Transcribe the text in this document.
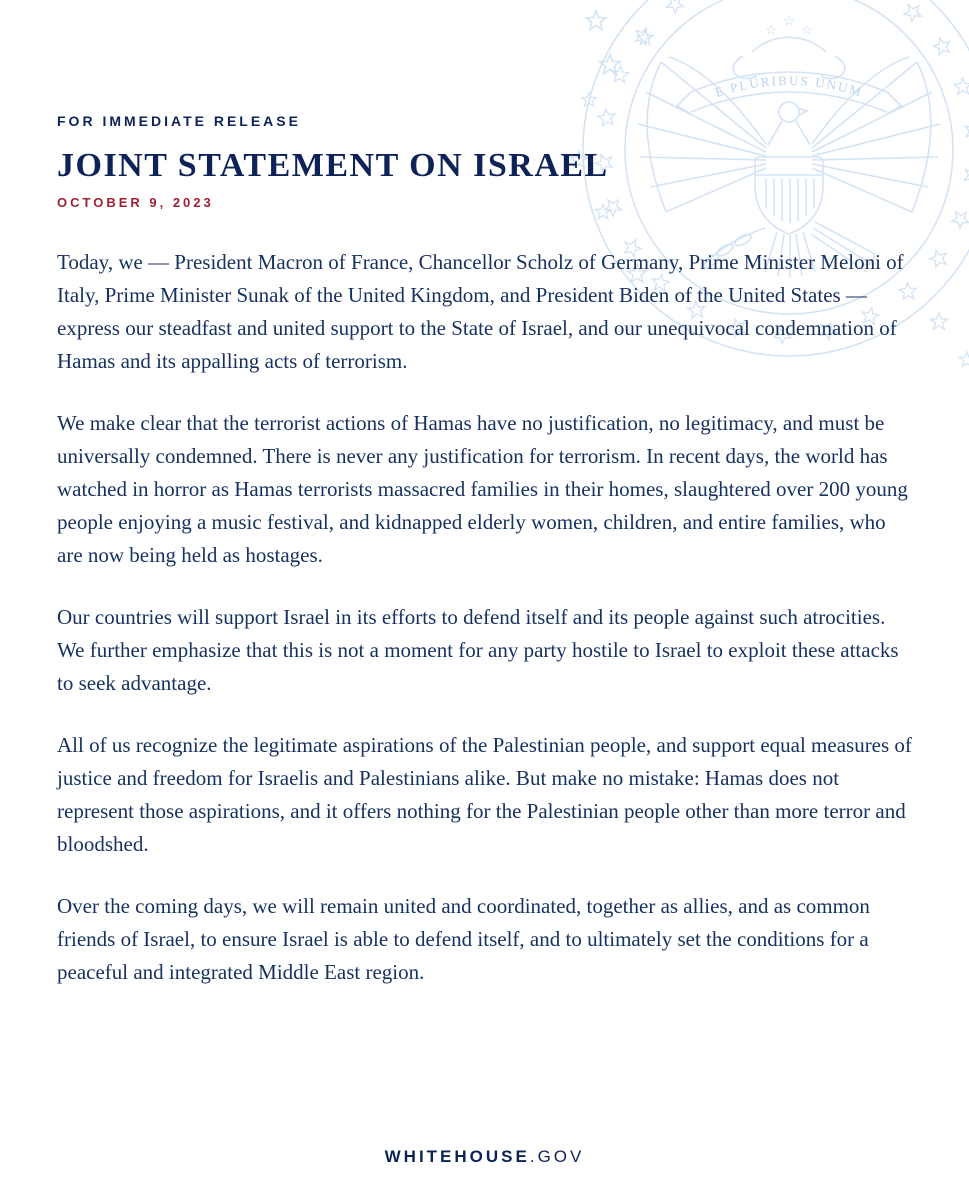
E PLURIBUS UNUM
FOR IMMEDIATE RELEASE
JOINT STATEMENT ON ISRAEL
OCTOBER 9, 2023

Today, we — President Macron of France, Chancellor Scholz of Germany, Prime Minister Meloni of Italy, Prime Minister Sunak of the United Kingdom, and President Biden of the United States — express our steadfast and united support to the State of Israel, and our unequivocal condemnation of Hamas and its appalling acts of terrorism.

We make clear that the terrorist actions of Hamas have no justification, no legitimacy, and must be universally condemned. There is never any justification for terrorism. In recent days, the world has watched in horror as Hamas terrorists massacred families in their homes, slaughtered over 200 young people enjoying a music festival, and kidnapped elderly women, children, and entire families, who are now being held as hostages.

Our countries will support Israel in its efforts to defend itself and its people against such atrocities. We further emphasize that this is not a moment for any party hostile to Israel to exploit these attacks to seek advantage.

All of us recognize the legitimate aspirations of the Palestinian people, and support equal measures of justice and freedom for Israelis and Palestinians alike. But make no mistake: Hamas does not represent those aspirations, and it offers nothing for the Palestinian people other than more terror and bloodshed.

Over the coming days, we will remain united and coordinated, together as allies, and as common friends of Israel, to ensure Israel is able to defend itself, and to ultimately set the conditions for a peaceful and integrated Middle East region.

WHITEHOUSE.GOV
